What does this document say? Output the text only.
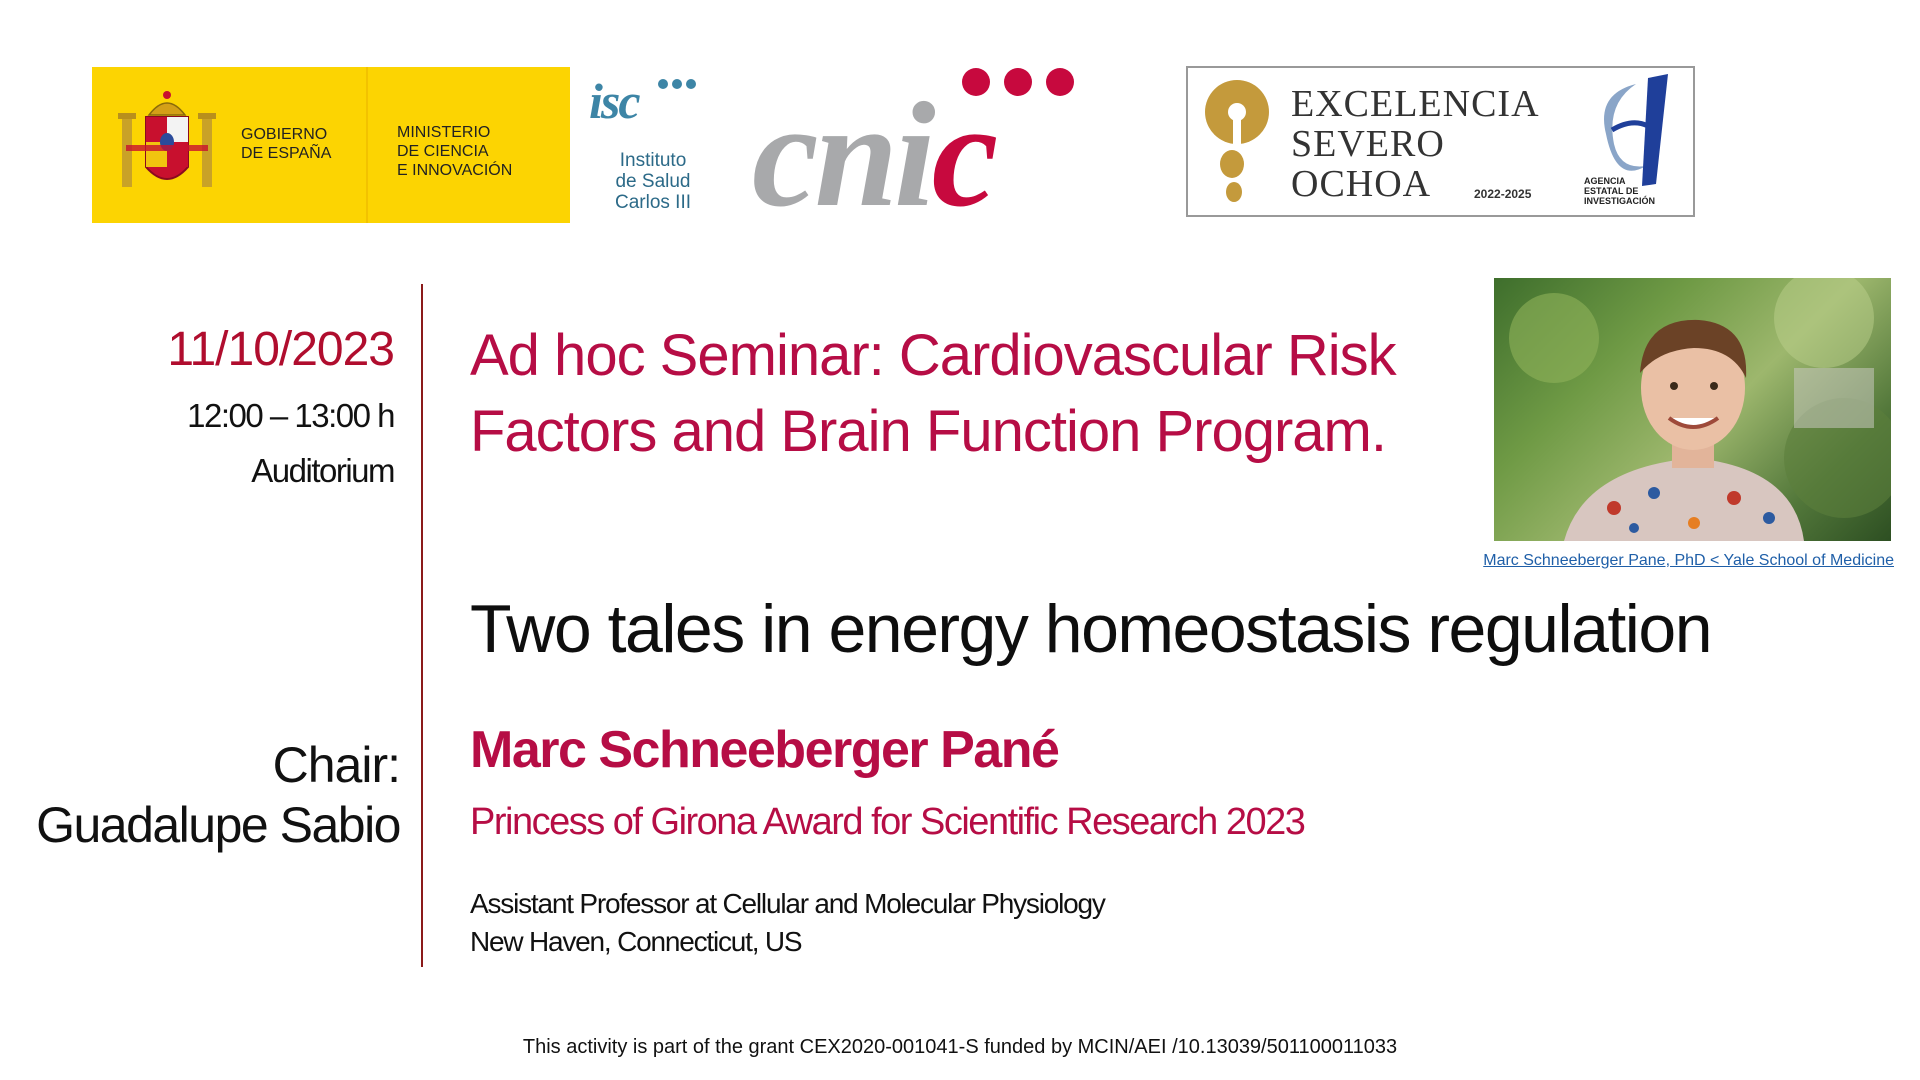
GOBIERNO
DE ESPAÑA
MINISTERIO
DE CIENCIA
E INNOVACIÓN
isc
Instituto
de Salud
Carlos III cnic	EXCELENCIA
SEVERO
OCHOA	2022-2025
AGENCIA ESTATAL DE INVESTIGACIÓN
11/10/2023
12:00 – 13:00 h
Auditorium
Chair:
Guadalupe Sabio
Ad hoc Seminar: Cardiovascular Risk
Factors and Brain Function Program.
Two tales in energy homeostasis regulation
Marc Schneeberger Pané
Princess of Girona Award for Scientific Research 2023
Assistant Professor at Cellular and Molecular Physiology
New Haven, Connecticut, US
Marc Schneeberger Pane, PhD < Yale School of Medicine
This activity is part of the grant CEX2020-001041-S funded by MCIN/AEI /10.13039/501100011033
